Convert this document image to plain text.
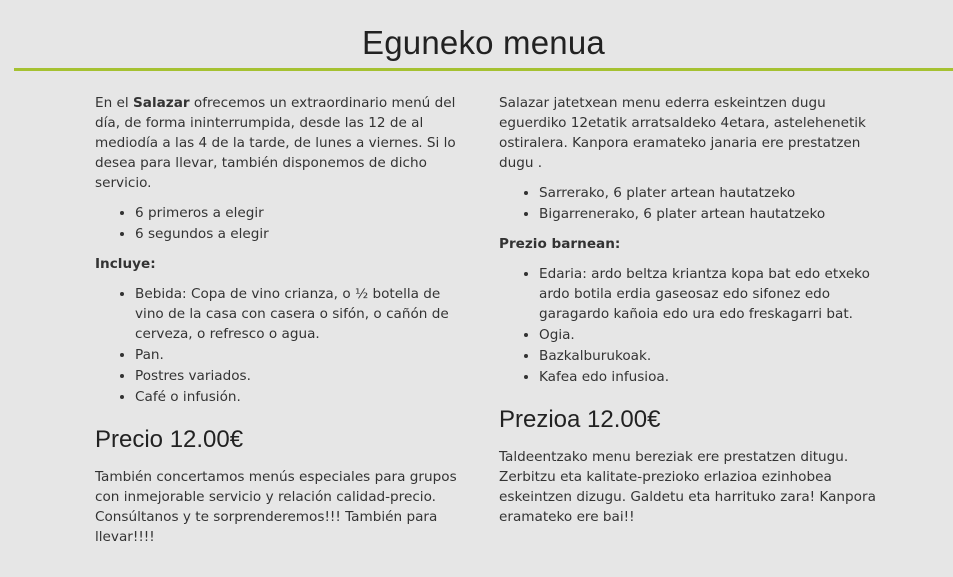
Eguneko menua

En el Salazar ofrecemos un extraordinario menú del día, de forma ininterrumpida, desde las 12 de al mediodía a las 4 de la tarde, de lunes a viernes. Si lo desea para llevar, también disponemos de dicho servicio.

• 6 primeros a elegir
• 6 segundos a elegir
Incluye:
• Bebida: Copa de vino crianza, o ½ botella de vino de la casa con casera o sifón, o cañón de cerveza, o refresco o agua.
• Pan.
• Postres variados.
• Café o infusión.
Precio 12.00€

También concertamos menús especiales para grupos con inmejorable servicio y relación calidad-precio. Consúltanos y te sorprenderemos!!! También para llevar!!!!

Salazar jatetxean menu ederra eskeintzen dugu eguerdiko 12etatik arratsaldeko 4etara, astelehenetik ostiralera. Kanpora eramateko janaria ere prestatzen dugu .

• Sarrerako, 6 plater artean hautatzeko
• Bigarrenerako, 6 plater artean hautatzeko
Prezio barnean:
• Edaria: ardo beltza kriantza kopa bat edo etxeko ardo botila erdia gaseosaz edo sifonez edo garagardo kañoia edo ura edo freskagarri bat.
• Ogia.
• Bazkalburukoak.
• Kafea edo infusioa.
Prezioa 12.00€

Taldeentzako menu bereziak ere prestatzen ditugu. Zerbitzu eta kalitate-prezioko erlazioa ezinhobea eskeintzen dizugu. Galdetu eta harrituko zara! Kanpora eramateko ere bai!!
